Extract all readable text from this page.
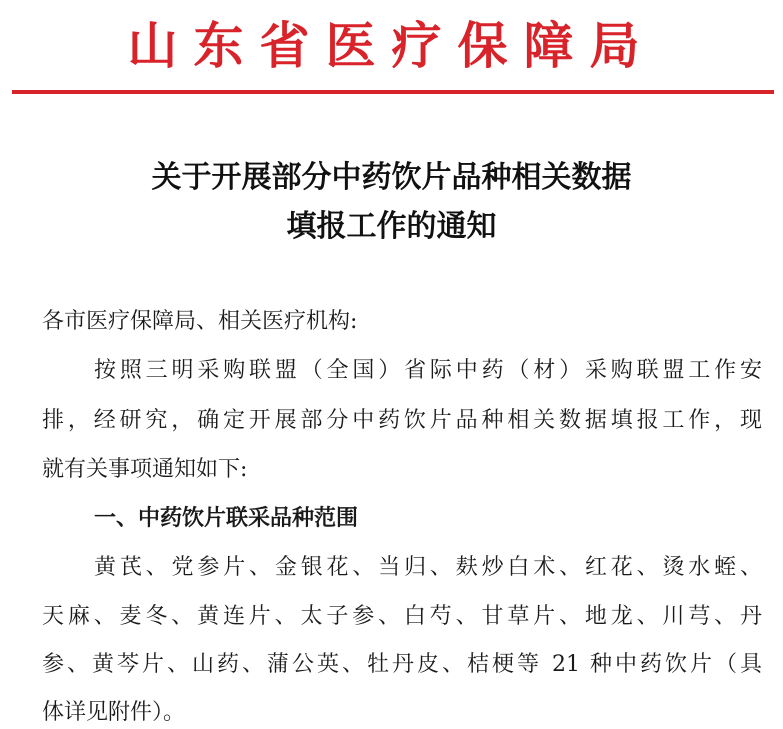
山东省医疗保障局
关于开展部分中药饮片品种相关数据
填报工作的通知
各市医疗保障局、相关医疗机构:
按照三明采购联盟（全国）省际中药（材）采购联盟工作安
排，经研究，确定开展部分中药饮片品种相关数据填报工作，现
就有关事项通知如下:
一、中药饮片联采品种范围
黄芪、党参片、金银花、当归、麸炒白术、红花、烫水蛭、
天麻、麦冬、黄连片、太子参、白芍、甘草片、地龙、川芎、丹
参、黄芩片、山药、蒲公英、牡丹皮、桔梗等 21 种中药饮片（具
体详见附件）。
